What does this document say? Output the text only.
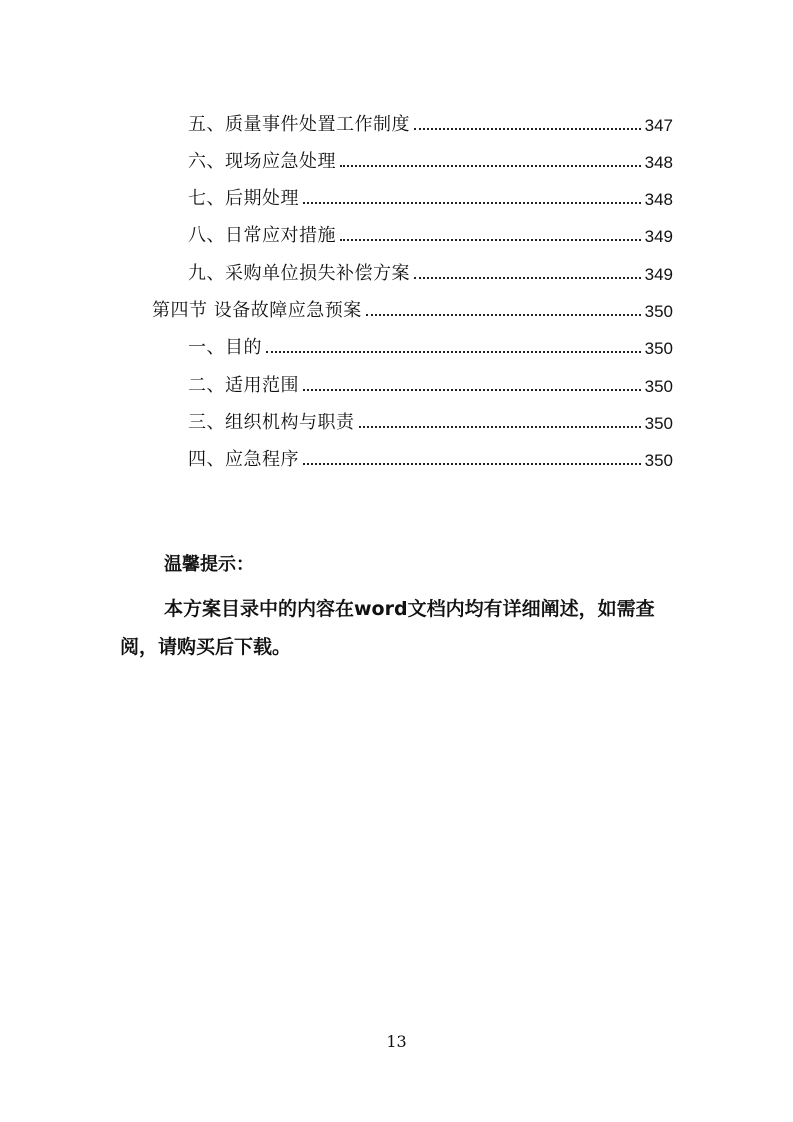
五、质量事件处置工作制度	347
六、现场应急处理	348
七、后期处理	348
八、日常应对措施	349
九、采购单位损失补偿方案	349
第四节 设备故障应急预案	350
一、目的	350
二、适用范围	350
三、组织机构与职责	350
四、应急程序	350
温馨提示：
本方案目录中的内容在word文档内均有详细阐述，如需查阅，请购买后下载。
13
